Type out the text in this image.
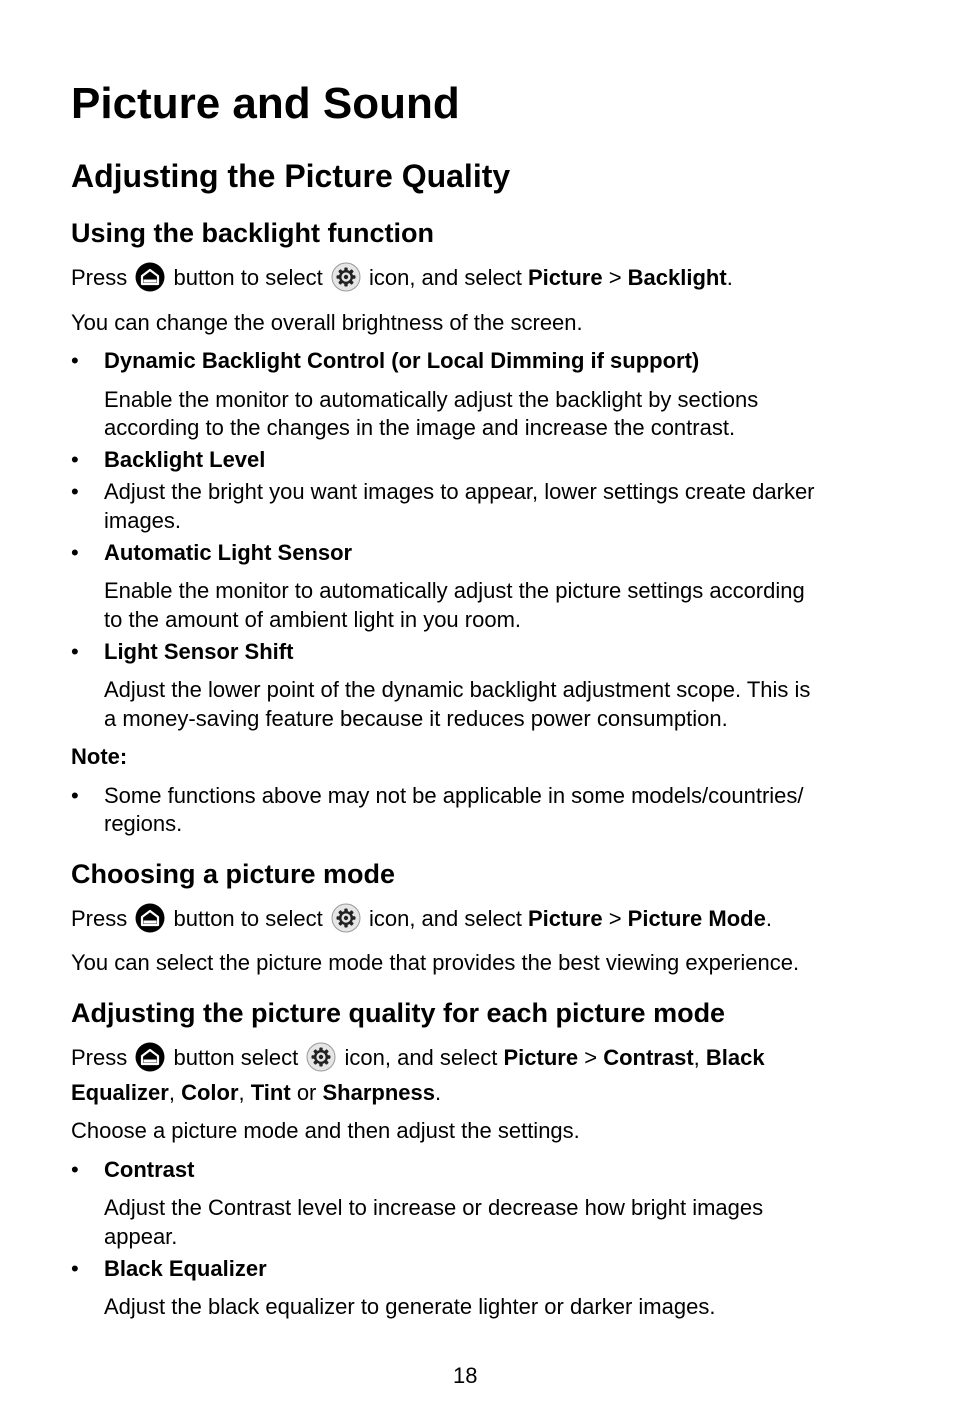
Picture and Sound
Adjusting the Picture Quality
Using the backlight function

Press button to select icon, and select Picture > Backlight.

You can change the overall brightness of the screen.

• Dynamic Backlight Control (or Local Dimming if support)

Enable the monitor to automatically adjust the backlight by sections

according to the changes in the image and increase the contrast.

• Backlight Level
• Adjust the bright you want images to appear, lower settings create darker

images.

• Automatic Light Sensor

Enable the monitor to automatically adjust the picture settings according

to the amount of ambient light in you room.

• Light Sensor Shift

Adjust the lower point of the dynamic backlight adjustment scope. This is

a money-saving feature because it reduces power consumption.

Note:
• Some functions above may not be applicable in some models/countries/

regions.

Choosing a picture mode

Press button to select icon, and select Picture > Picture Mode.

You can select the picture mode that provides the best viewing experience.

Adjusting the picture quality for each picture mode

Press button select icon, and select Picture > Contrast, Black

Equalizer, Color, Tint or Sharpness.

Choose a picture mode and then adjust the settings.

• Contrast

Adjust the Contrast level to increase or decrease how bright images

appear.

• Black Equalizer

Adjust the black equalizer to generate lighter or darker images.

18
